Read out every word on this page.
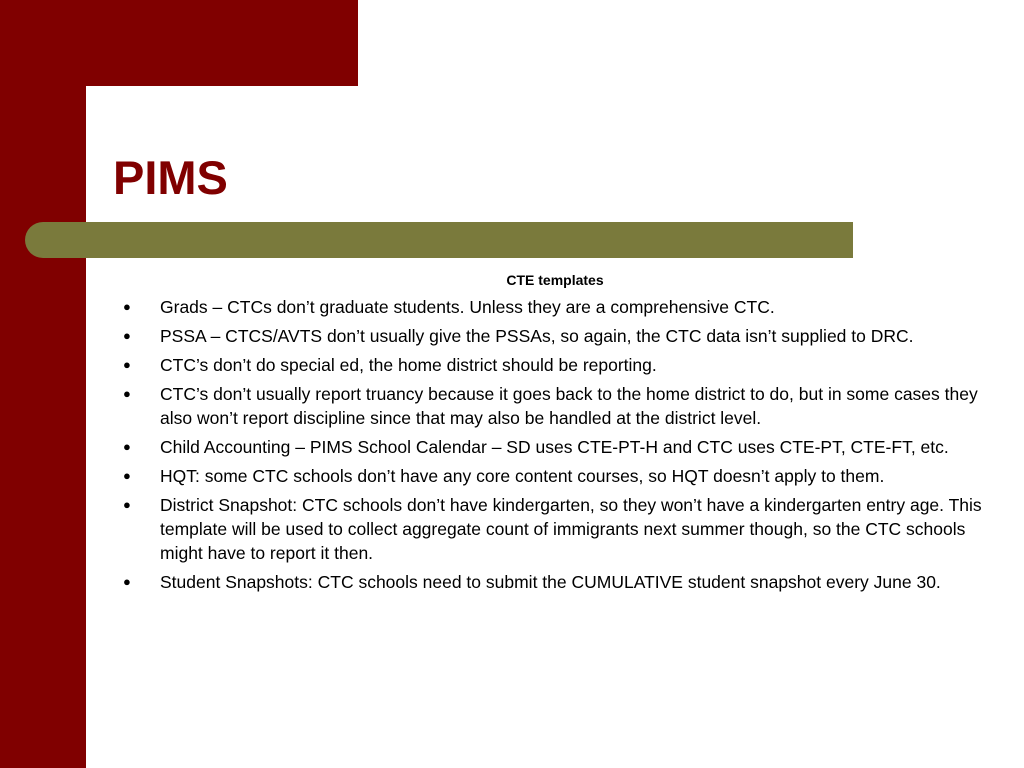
PIMS
CTE templates
● Grads – CTCs don’t graduate students. Unless they are a comprehensive CTC.
● PSSA – CTCS/AVTS don’t usually give the PSSAs, so again, the CTC data isn’t supplied to DRC.
● CTC’s don’t do special ed, the home district should be reporting.
● CTC’s don’t usually report truancy because it goes back to the home district to do, but in some cases they also won’t report discipline since that may also be handled at the district level.
● Child Accounting – PIMS School Calendar – SD uses CTE-PT-H and CTC uses CTE-PT, CTE-FT, etc.
● HQT: some CTC schools don’t have any core content courses, so HQT doesn’t apply to them.
● District Snapshot: CTC schools don’t have kindergarten, so they won’t have a kindergarten entry age. This template will be used to collect aggregate count of immigrants next summer though, so the CTC schools might have to report it then.
● Student Snapshots: CTC schools need to submit the CUMULATIVE student snapshot every June 30.
